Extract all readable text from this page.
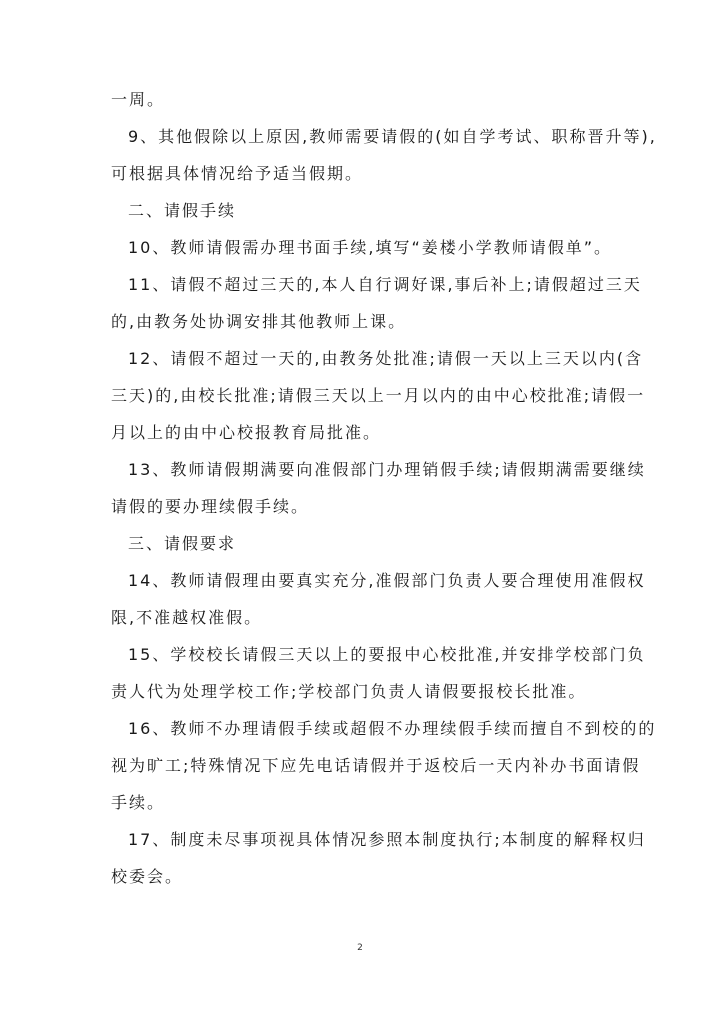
一周。
9、其他假除以上原因,教师需要请假的(如自学考试、职称晋升等),
可根据具体情况给予适当假期。
二、请假手续
10、教师请假需办理书面手续,填写“姜楼小学教师请假单”。
11、请假不超过三天的,本人自行调好课,事后补上;请假超过三天
的,由教务处协调安排其他教师上课。
12、请假不超过一天的,由教务处批准;请假一天以上三天以内(含
三天)的,由校长批准;请假三天以上一月以内的由中心校批准;请假一
月以上的由中心校报教育局批准。
13、教师请假期满要向准假部门办理销假手续;请假期满需要继续
请假的要办理续假手续。
三、请假要求
14、教师请假理由要真实充分,准假部门负责人要合理使用准假权
限,不准越权准假。
15、学校校长请假三天以上的要报中心校批准,并安排学校部门负
责人代为处理学校工作;学校部门负责人请假要报校长批准。
16、教师不办理请假手续或超假不办理续假手续而擅自不到校的的
视为旷工;特殊情况下应先电话请假并于返校后一天内补办书面请假
手续。
17、制度未尽事项视具体情况参照本制度执行;本制度的解释权归
校委会。
2
